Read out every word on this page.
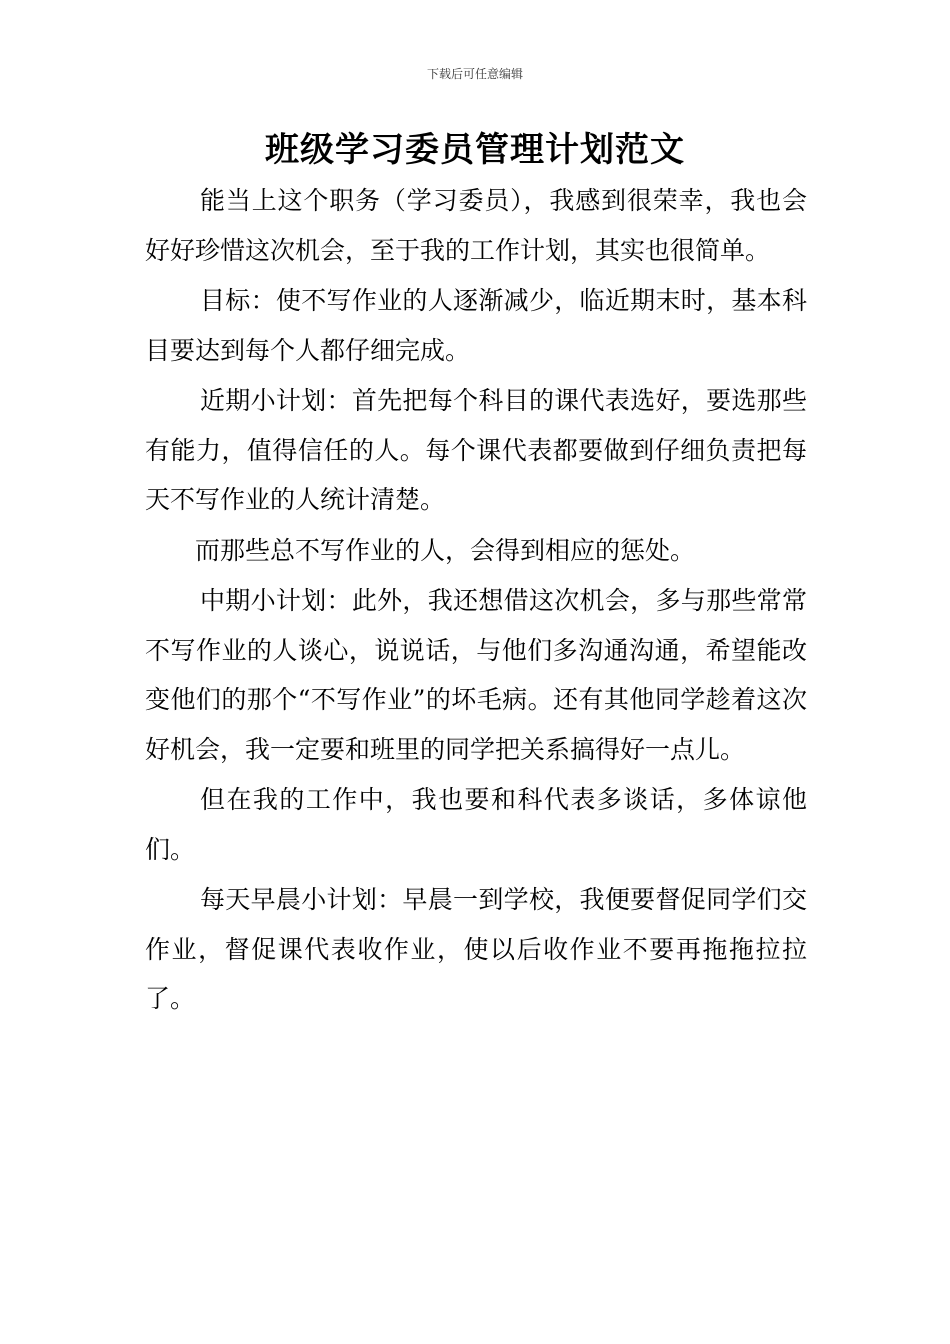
下载后可任意编辑
班级学习委员管理计划范文

能当上这个职务（学习委员），我感到很荣幸，我也会好好珍惜这次机会，至于我的工作计划，其实也很简单。

目标：使不写作业的人逐渐减少，临近期末时，基本科目要达到每个人都仔细完成。

近期小计划：首先把每个科目的课代表选好，要选那些有能力，值得信任的人。每个课代表都要做到仔细负责把每天不写作业的人统计清楚。

而那些总不写作业的人，会得到相应的惩处。

中期小计划：此外，我还想借这次机会，多与那些常常不写作业的人谈心，说说话，与他们多沟通沟通，希望能改变他们的那个“不写作业”的坏毛病。还有其他同学趁着这次好机会，我一定要和班里的同学把关系搞得好一点儿。

但在我的工作中，我也要和科代表多谈话，多体谅他们。

每天早晨小计划：早晨一到学校，我便要督促同学们交作业，督促课代表收作业，使以后收作业不要再拖拖拉拉了。
